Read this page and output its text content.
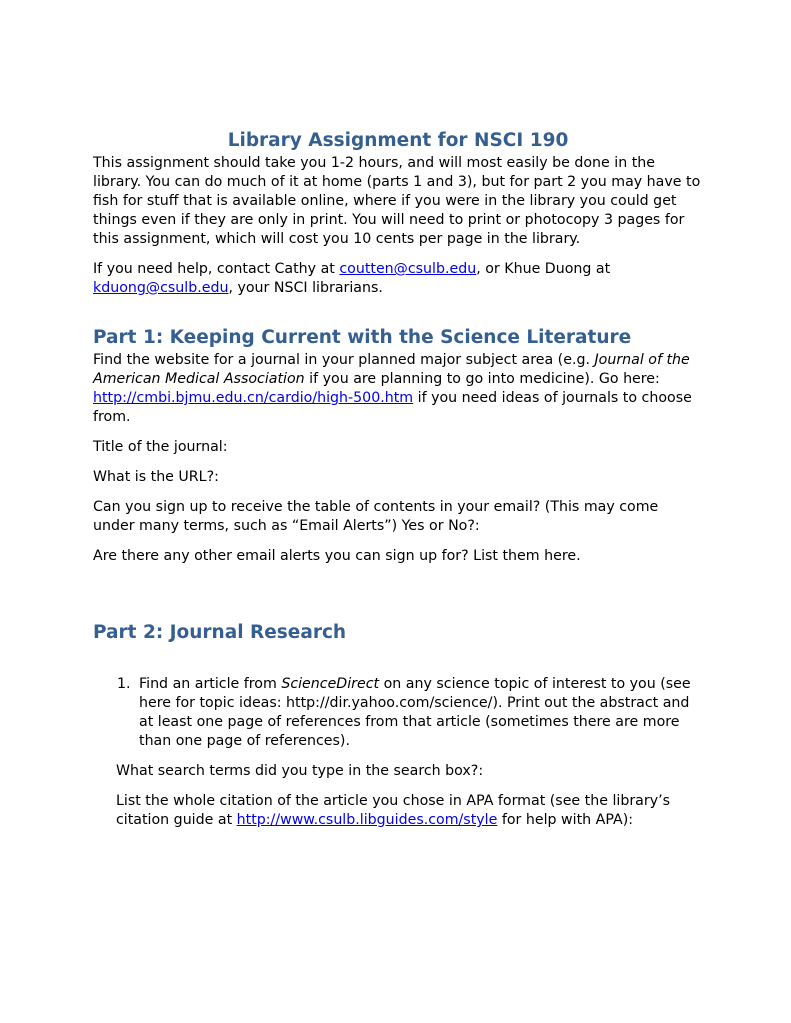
Library Assignment for NSCI 190

This assignment should take you 1-2 hours, and will most easily be done in the library. You can do much of it at home (parts 1 and 3), but for part 2 you may have to fish for stuff that is available online, where if you were in the library you could get things even if they are only in print. You will need to print or photocopy 3 pages for this assignment, which will cost you 10 cents per page in the library.

If you need help, contact Cathy at coutten@csulb.edu, or Khue Duong at kduong@csulb.edu, your NSCI librarians.

Part 1: Keeping Current with the Science Literature

Find the website for a journal in your planned major subject area (e.g. Journal of the American Medical Association if you are planning to go into medicine). Go here: http://cmbi.bjmu.edu.cn/cardio/high-500.htm if you need ideas of journals to choose from.

Title of the journal:

What is the URL?:

Can you sign up to receive the table of contents in your email? (This may come under many terms, such as “Email Alerts”) Yes or No?:

Are there any other email alerts you can sign up for? List them here.

Part 2: Journal Research
1. Find an article from ScienceDirect on any science topic of interest to you (see here for topic ideas: http://dir.yahoo.com/science/). Print out the abstract and at least one page of references from that article (sometimes there are more than one page of references).

What search terms did you type in the search box?:

List the whole citation of the article you chose in APA format (see the library’s citation guide at http://www.csulb.libguides.com/style for help with APA):
